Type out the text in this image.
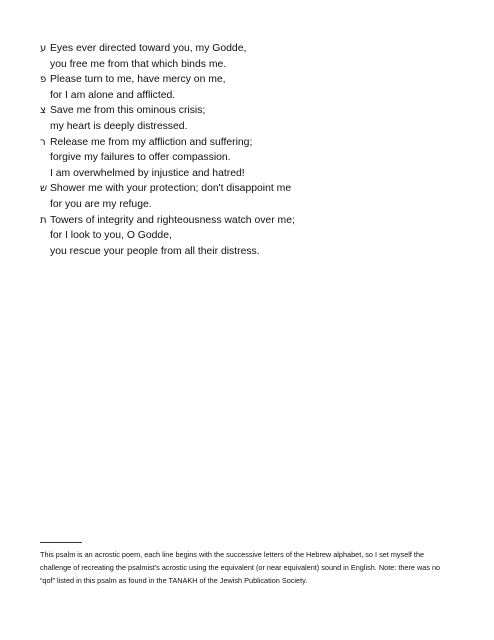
ע Eyes ever directed toward you, my Godde,
you free me from that which binds me.
פ Please turn to me, have mercy on me,
for I am alone and afflicted.
צ Save me from this ominous crisis;
my heart is deeply distressed.
ר Release me from my affliction and suffering;
forgive my failures to offer compassion.
I am overwhelmed by injustice and hatred!
ש Shower me with your protection; don't disappoint me
for you are my refuge.
ת Towers of integrity and righteousness watch over me;
for I look to you, O Godde,
you rescue your people from all their distress.
This psalm is an acrostic poem, each line begins with the successive letters of the Hebrew alphabet, so I set myself the challenge of recreating the psalmist's acrostic using the equivalent (or near equivalent) sound in English. Note: there was no “qof” listed in this psalm as found in the TANAKH of the Jewish Publication Society.
